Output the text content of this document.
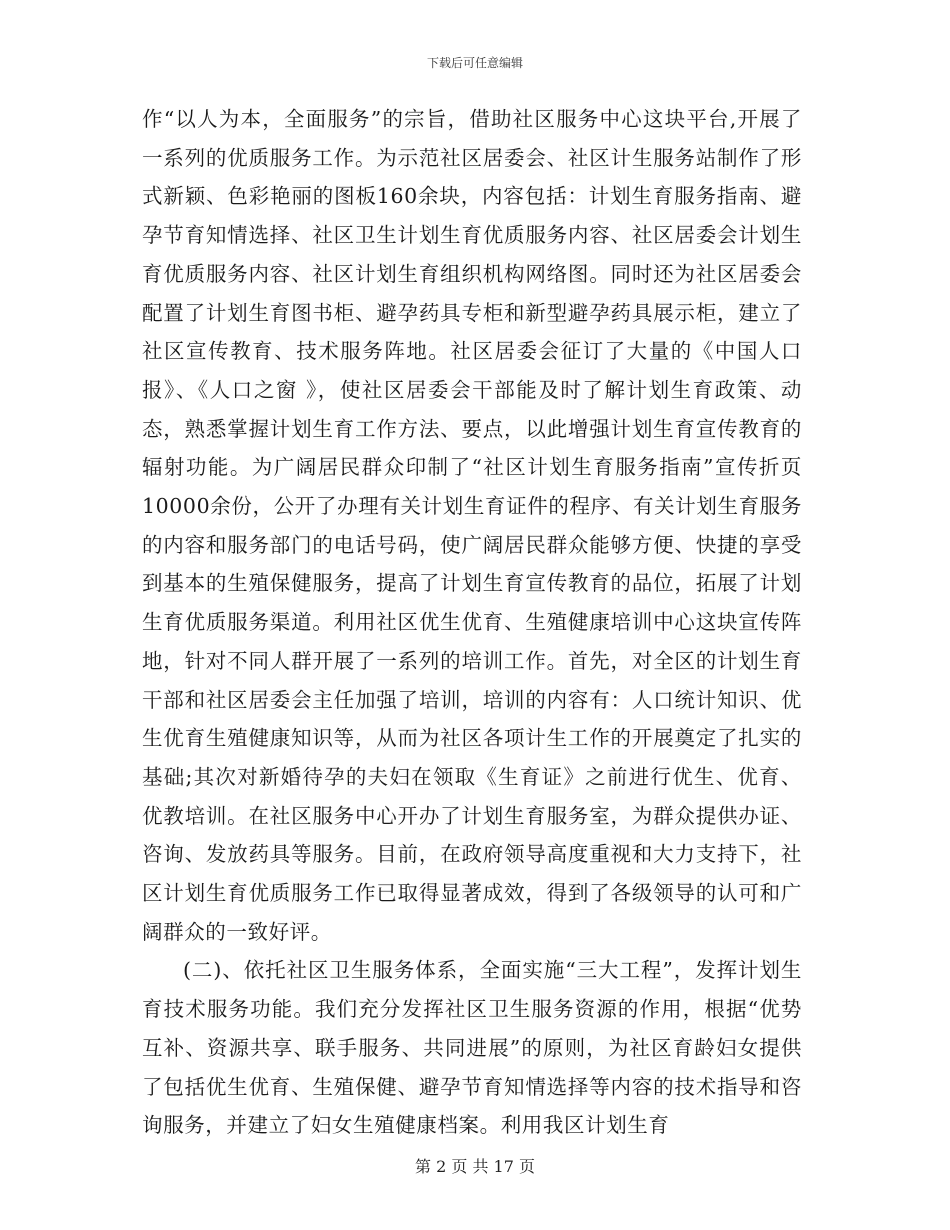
下载后可任意编辑

作“以人为本，全面服务”的宗旨，借助社区服务中心这块平台,开展了一系列的优质服务工作。为示范社区居委会、社区计生服务站制作了形式新颖、色彩艳丽的图板160余块，内容包括：计划生育服务指南、避孕节育知情选择、社区卫生计划生育优质服务内容、社区居委会计划生育优质服务内容、社区计划生育组织机构网络图。同时还为社区居委会配置了计划生育图书柜、避孕药具专柜和新型避孕药具展示柜，建立了社区宣传教育、技术服务阵地。社区居委会征订了大量的《中国人口报》、《人口之窗 》，使社区居委会干部能及时了解计划生育政策、动态，熟悉掌握计划生育工作方法、要点，以此增强计划生育宣传教育的辐射功能。为广阔居民群众印制了“社区计划生育服务指南”宣传折页10000余份，公开了办理有关计划生育证件的程序、有关计划生育服务的内容和服务部门的电话号码，使广阔居民群众能够方便、快捷的享受到基本的生殖保健服务，提高了计划生育宣传教育的品位，拓展了计划生育优质服务渠道。利用社区优生优育、生殖健康培训中心这块宣传阵地，针对不同人群开展了一系列的培训工作。首先，对全区的计划生育干部和社区居委会主任加强了培训，培训的内容有：人口统计知识、优生优育生殖健康知识等，从而为社区各项计生工作的开展奠定了扎实的基础;其次对新婚待孕的夫妇在领取《生育证》之前进行优生、优育、优教培训。在社区服务中心开办了计划生育服务室，为群众提供办证、咨询、发放药具等服务。目前，在政府领导高度重视和大力支持下，社区计划生育优质服务工作已取得显著成效，得到了各级领导的认可和广阔群众的一致好评。

(二)、依托社区卫生服务体系，全面实施“三大工程”，发挥计划生育技术服务功能。我们充分发挥社区卫生服务资源的作用，根据“优势互补、资源共享、联手服务、共同进展”的原则，为社区育龄妇女提供了包括优生优育、生殖保健、避孕节育知情选择等内容的技术指导和咨询服务，并建立了妇女生殖健康档案。利用我区计划生育

第 2 页 共 17 页
